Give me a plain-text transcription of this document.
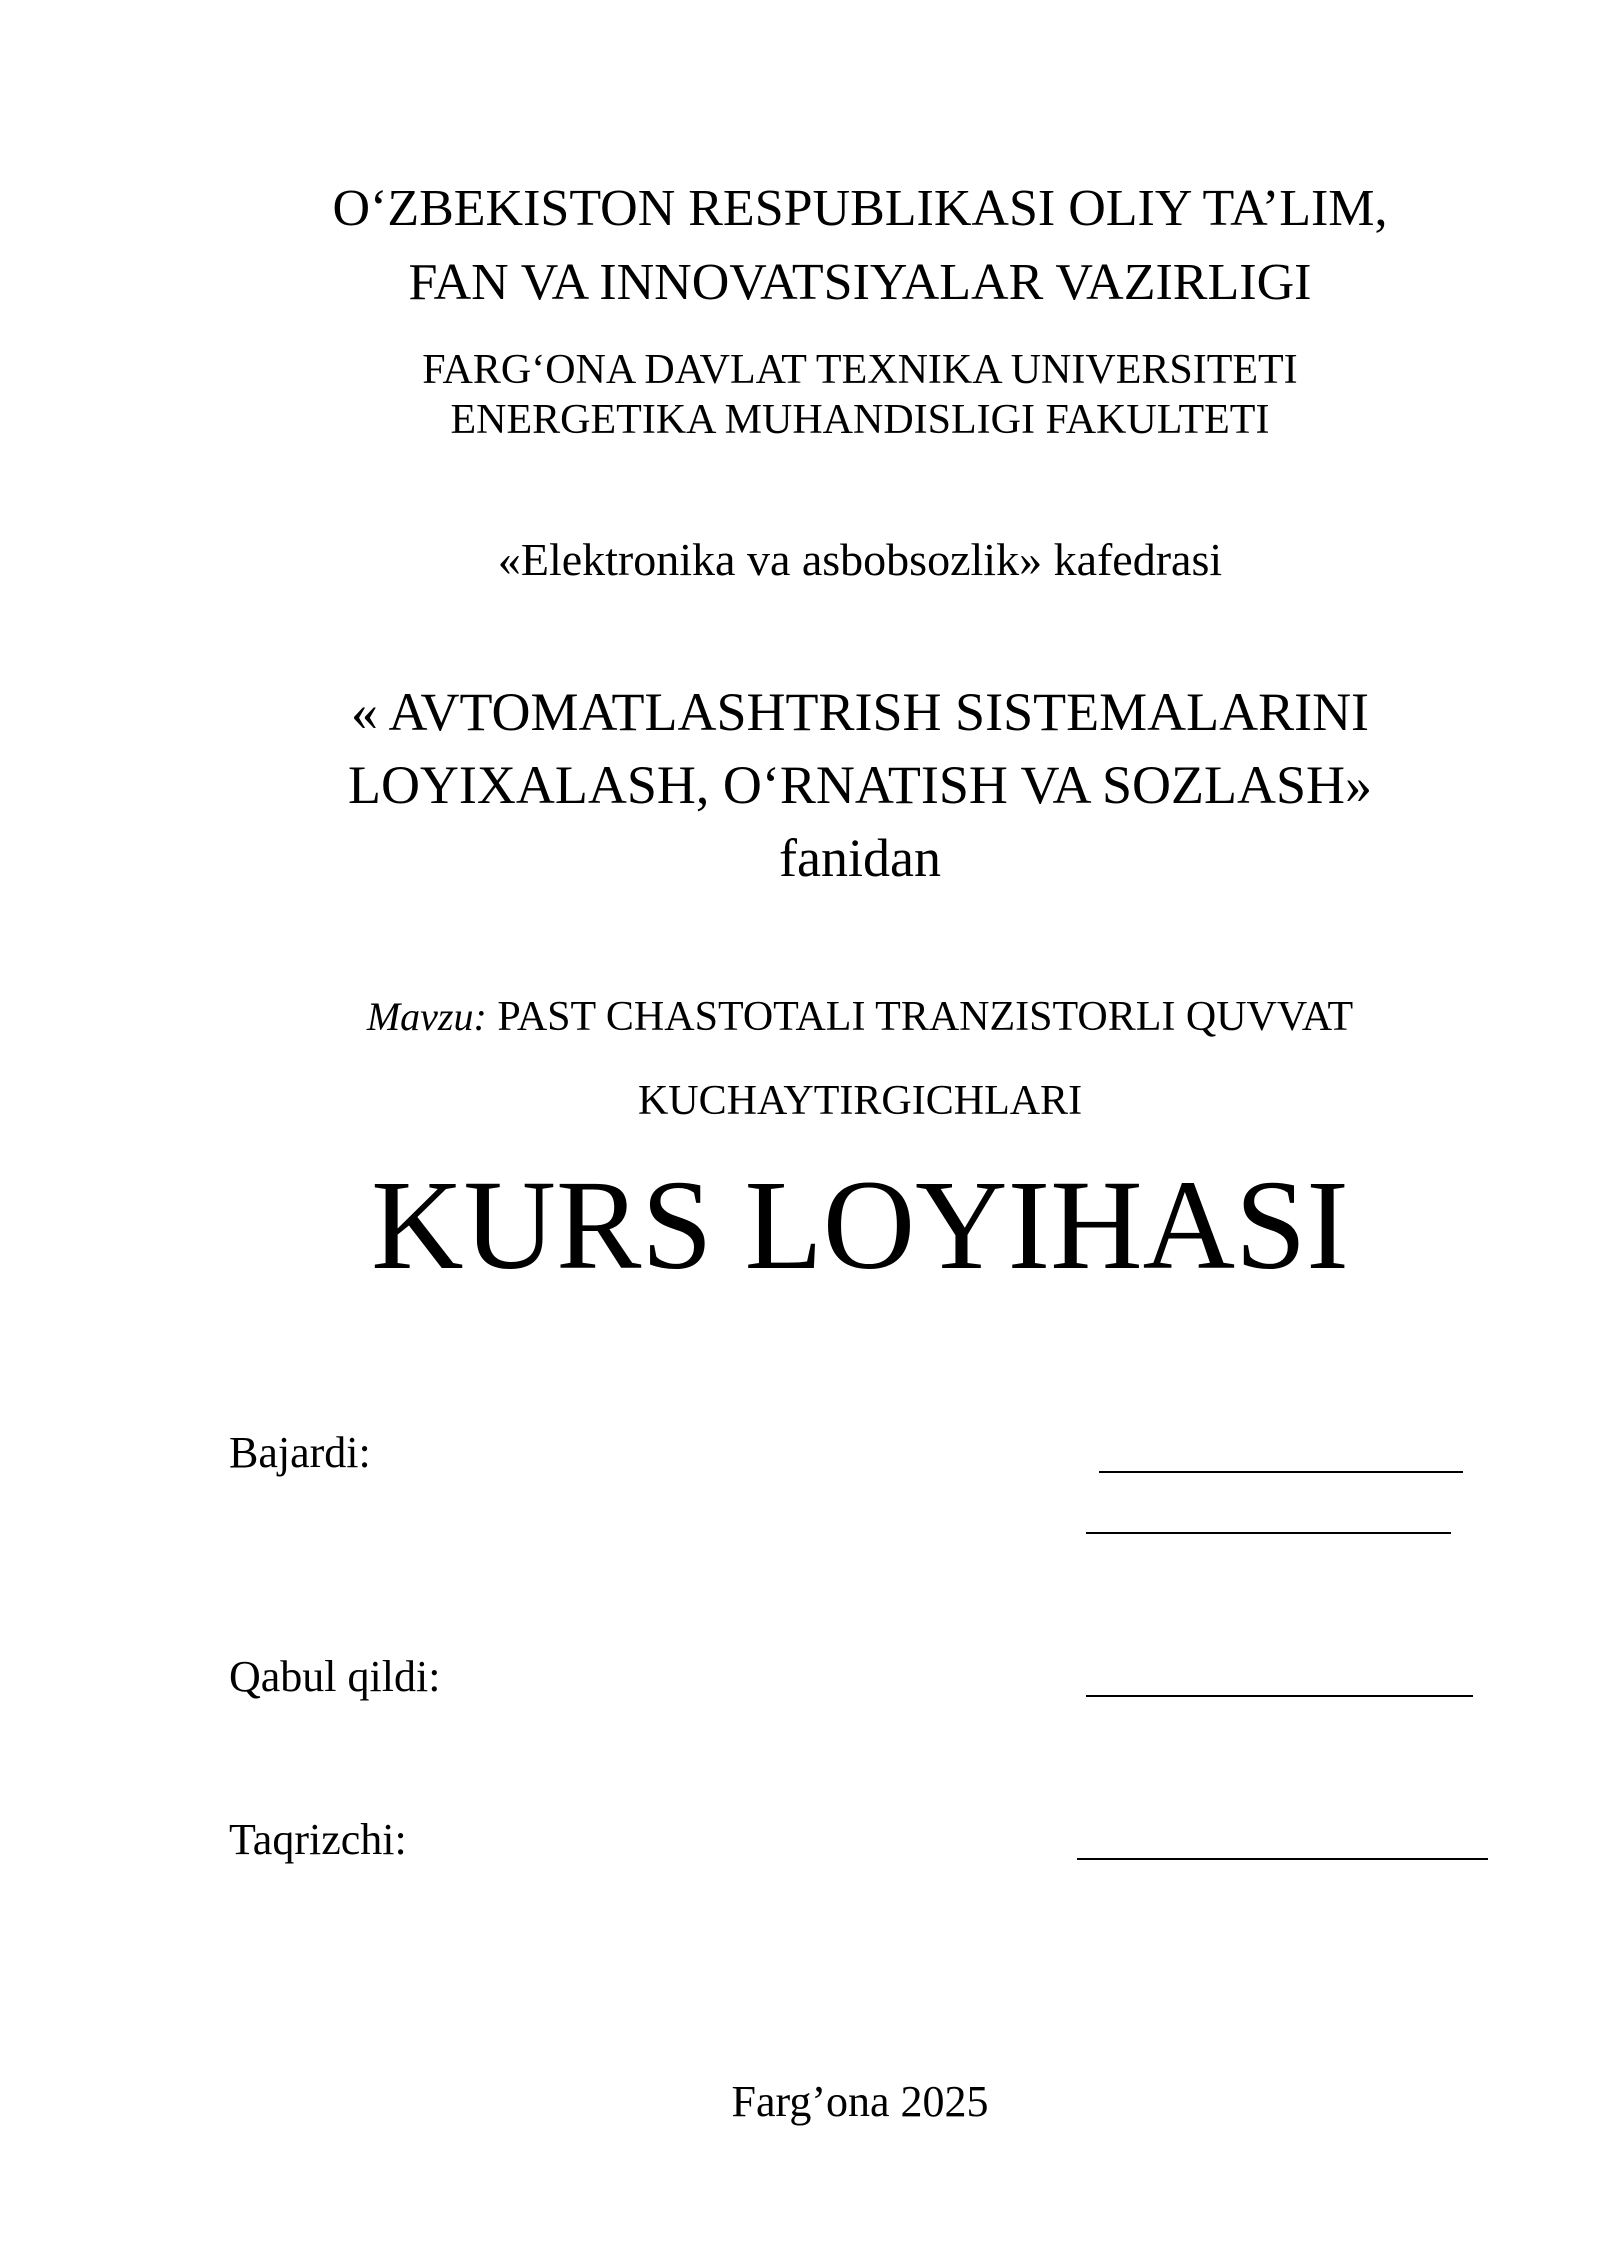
O‘ZBEKISTON RESPUBLIKASI OLIY TA’LIM,
FAN VA INNOVATSIYALAR VAZIRLIGI
FARG‘ONA DAVLAT TEXNIKA UNIVERSITETI
ENERGETIKA MUHANDISLIGI FAKULTETI
«Elektronika va asbobsozlik» kafedrasi
« AVTOMATLASHTRISH SISTEMALARINI
LOYIXALASH, O‘RNATISH VA SOZLASH»
fanidan
Mavzu: PAST CHASTOTALI TRANZISTORLI QUVVAT
KUCHAYTIRGICHLARI
KURS LOYIHASI
Bajardi:
Qabul qildi:
Taqrizchi:
Farg’ona 2025
